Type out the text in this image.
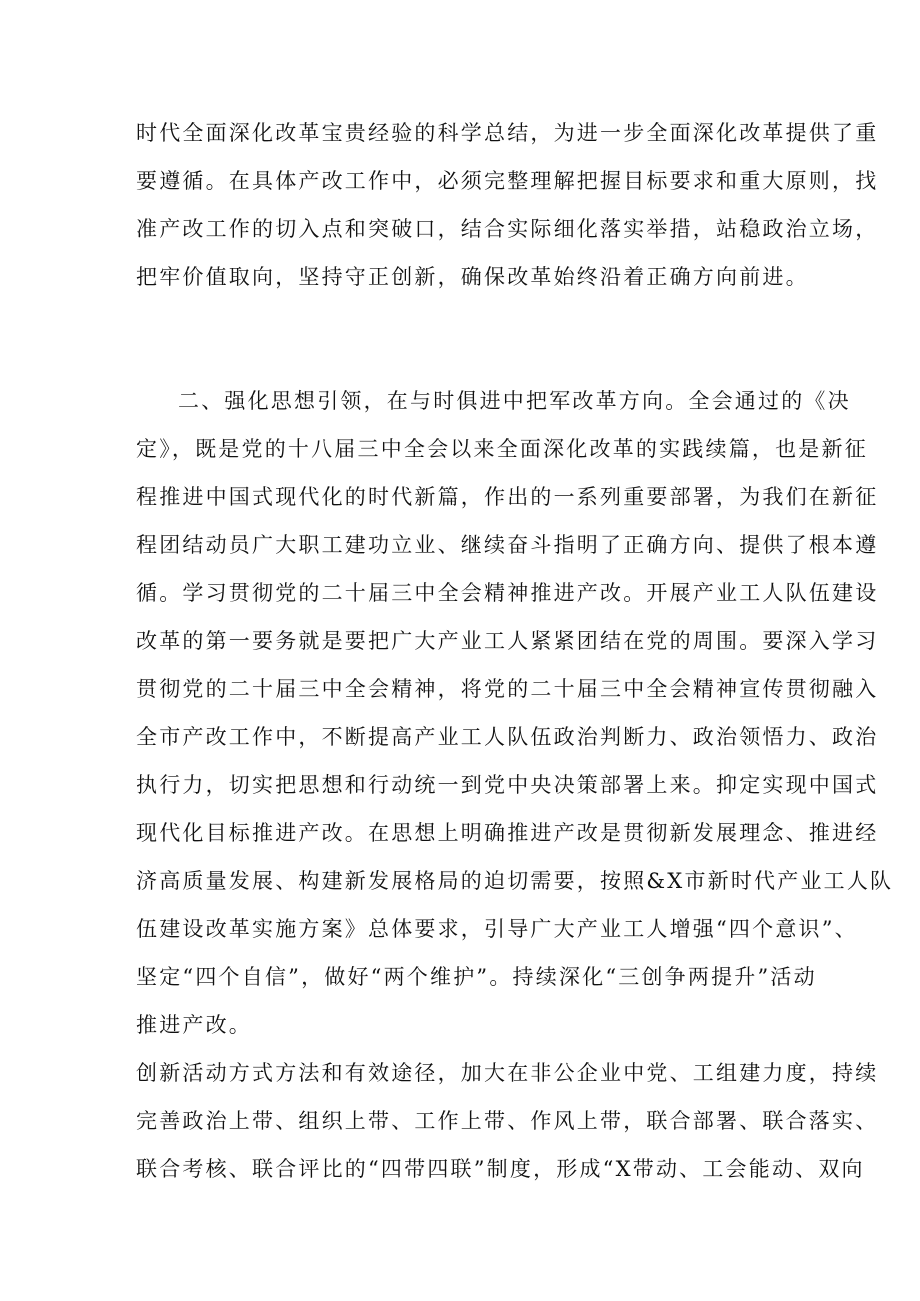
时代全面深化改革宝贵经验的科学总结，为进一步全面深化改革提供了重
要遵循。在具体产改工作中，必须完整理解把握目标要求和重大原则，找
准产改工作的切入点和突破口，结合实际细化落实举措，站稳政治立场，
把牢价值取向，坚持守正创新，确保改革始终沿着正确方向前进。
二、强化思想引领，在与时俱进中把军改革方向。全会通过的《决
定》，既是党的十八届三中全会以来全面深化改革的实践续篇，也是新征
程推进中国式现代化的时代新篇，作出的一系列重要部署，为我们在新征
程团结动员广大职工建功立业、继续奋斗指明了正确方向、提供了根本遵
循。学习贯彻党的二十届三中全会精神推进产改。开展产业工人队伍建设
改革的第一要务就是要把广大产业工人紧紧团结在党的周围。要深入学习
贯彻党的二十届三中全会精神，将党的二十届三中全会精神宣传贯彻融入
全市产改工作中，不断提高产业工人队伍政治判断力、政治领悟力、政治
执行力，切实把思想和行动统一到党中央决策部署上来。抑定实现中国式
现代化目标推进产改。在思想上明确推进产改是贯彻新发展理念、推进经
济高质量发展、构建新发展格局的迫切需要，按照&X市新时代产业工人队
伍建设改革实施方案》总体要求，引导广大产业工人增强“四个意识”、
坚定“四个自信”，做好“两个维护”。持续深化“三创争两提升”活动
推进产改。
创新活动方式方法和有效途径，加大在非公企业中党、工组建力度，持续
完善政治上带、组织上带、工作上带、作风上带，联合部署、联合落实、
联合考核、联合评比的“四带四联”制度，形成“X带动、工会能动、双向
